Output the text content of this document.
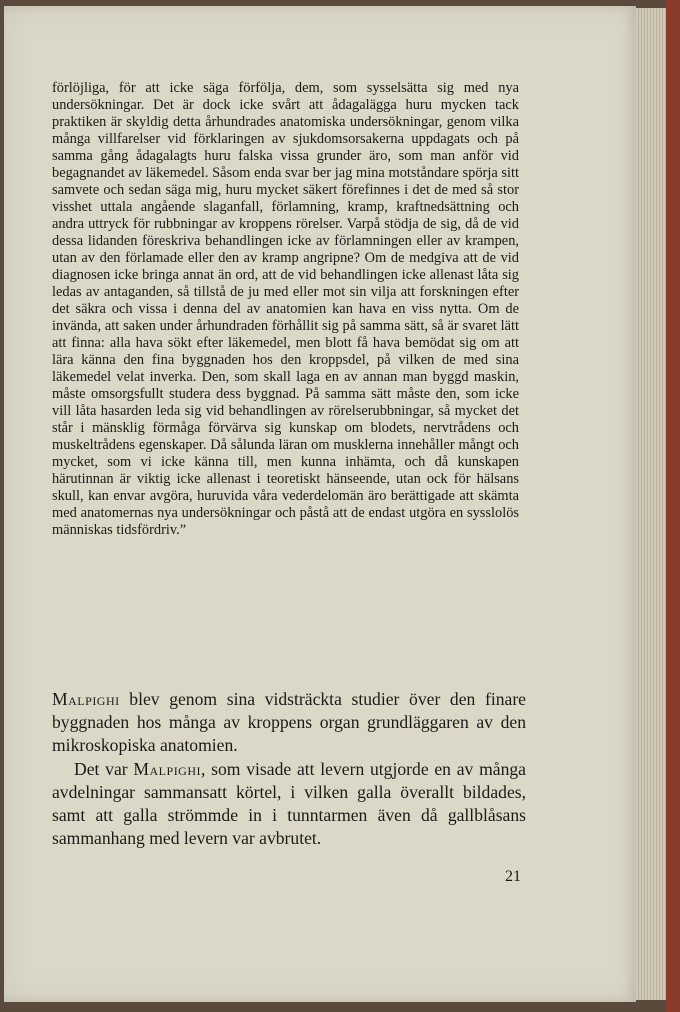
förlöjliga, för att icke säga förfölja, dem, som sysselsätta sig med nya undersökningar. Det är dock icke svårt att ådagalägga huru mycken tack praktiken är skyldig detta århundrades anatomiska undersökningar, genom vilka många villfarelser vid förklaringen av sjukdomsorsakerna uppdagats och på samma gång ådagalagts huru falska vissa grunder äro, som man anför vid begagnandet av läkemedel. Såsom enda svar ber jag mina motståndare spörja sitt samvete och sedan säga mig, huru mycket säkert förefinnes i det de med så stor visshet uttala angående slaganfall, förlamning, kramp, kraftnedsättning och andra uttryck för rubbningar av kroppens rörelser. Varpå stödja de sig, då de vid dessa lidanden föreskriva behandlingen icke av förlamningen eller av krampen, utan av den förlamade eller den av kramp angripne? Om de medgiva att de vid diagnosen icke bringa annat än ord, att de vid behandlingen icke allenast låta sig ledas av antaganden, så tillstå de ju med eller mot sin vilja att forskningen efter det säkra och vissa i denna del av anatomien kan hava en viss nytta. Om de invända, att saken under århundraden förhållit sig på samma sätt, så är svaret lätt att finna: alla hava sökt efter läkemedel, men blott få hava bemödat sig om att lära känna den fina byggnaden hos den kroppsdel, på vilken de med sina läkemedel velat inverka. Den, som skall laga en av annan man byggd maskin, måste omsorgsfullt studera dess byggnad. På samma sätt måste den, som icke vill låta hasarden leda sig vid behandlingen av rörelserubbningar, så mycket det står i mänsklig förmåga förvärva sig kunskap om blodets, nervtrådens och muskeltrådens egenskaper. Då sålunda läran om musklerna innehåller mångt och mycket, som vi icke känna till, men kunna inhämta, och då kunskapen härutinnan är viktig icke allenast i teoretiskt hänseende, utan ock för hälsans skull, kan envar avgöra, huruvida våra vederdelomän äro berättigade att skämta med anatomernas nya undersökningar och påstå att de endast utgöra en sysslolös människas tidsfördriv.”

Malpighi blev genom sina vidsträckta studier över den finare byggnaden hos många av kroppens organ grundläggaren av den mikroskopiska anatomien.

Det var Malpighi, som visade att levern utgjorde en av många avdelningar sammansatt körtel, i vilken galla överallt bildades, samt att galla strömmde in i tunntarmen även då gallblåsans sammanhang med levern var avbrutet.

21
